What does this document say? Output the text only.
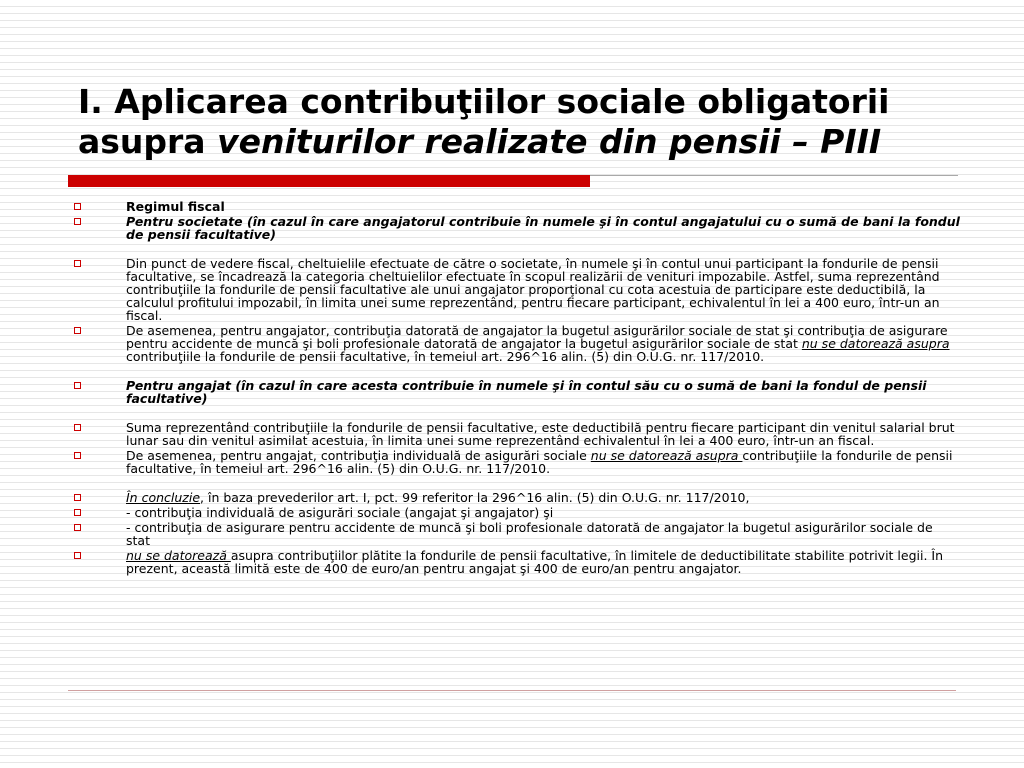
I. Aplicarea contribuţiilor sociale obligatorii
asupra veniturilor realizate din pensii – PIII
Regimul fiscal
Pentru societate (în cazul în care angajatorul contribuie în numele şi în contul angajatului cu o sumă de bani la fondul de pensii facultative)
Din punct de vedere fiscal, cheltuielile efectuate de către o societate, în numele şi în contul unui participant la fondurile de pensii facultative, se încadrează la categoria cheltuielilor efectuate în scopul realizării de venituri impozabile. Astfel, suma reprezentând contribuţiile la fondurile de pensii facultative ale unui angajator proporţional cu cota acestuia de participare este deductibilă, la calculul profitului impozabil, în limita unei sume reprezentând, pentru fiecare participant, echivalentul în lei a 400 euro, într-un an fiscal.
De asemenea, pentru angajator, contribuţia datorată de angajator la bugetul asigurărilor sociale de stat şi contribuţia de asigurare pentru accidente de muncă şi boli profesionale datorată de angajator la bugetul asigurărilor sociale de stat nu se datorează asupra contribuţiile la fondurile de pensii facultative, în temeiul art. 296^16 alin. (5) din O.U.G. nr. 117/2010.
Pentru angajat (în cazul în care acesta contribuie în numele şi în contul său cu o sumă de bani la fondul de pensii facultative)
Suma reprezentând contribuţiile la fondurile de pensii facultative, este deductibilă pentru fiecare participant din venitul salarial brut lunar sau din venitul asimilat acestuia, în limita unei sume reprezentând echivalentul în lei a 400 euro, într-un an fiscal.
De asemenea, pentru angajat, contribuţia individuală de asigurări sociale nu se datorează asupra contribuţiile la fondurile de pensii facultative, în temeiul art. 296^16 alin. (5) din O.U.G. nr. 117/2010.
În concluzie, în baza prevederilor art. I, pct. 99 referitor la 296^16 alin. (5) din O.U.G. nr. 117/2010,
- contribuţia individuală de asigurări sociale (angajat şi angajator) şi
- contribuţia de asigurare pentru accidente de muncă şi boli profesionale datorată de angajator la bugetul asigurărilor sociale de stat
nu se datorează asupra contribuţiilor plătite la fondurile de pensii facultative, în limitele de deductibilitate stabilite potrivit legii. În prezent, această limită este de 400 de euro/an pentru angajat şi 400 de euro/an pentru angajator.
